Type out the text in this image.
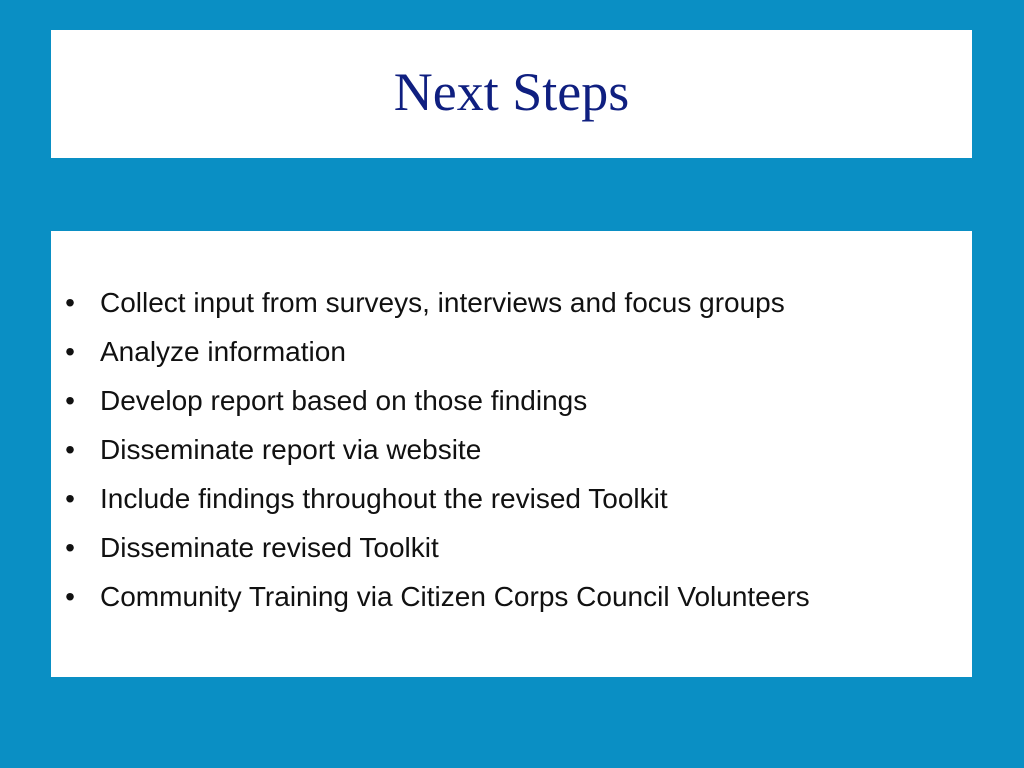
Next Steps
• Collect input from surveys, interviews and focus groups
• Analyze information
• Develop report based on those findings
• Disseminate report via website
• Include findings throughout the revised Toolkit
• Disseminate revised Toolkit
• Community Training via Citizen Corps Council Volunteers
